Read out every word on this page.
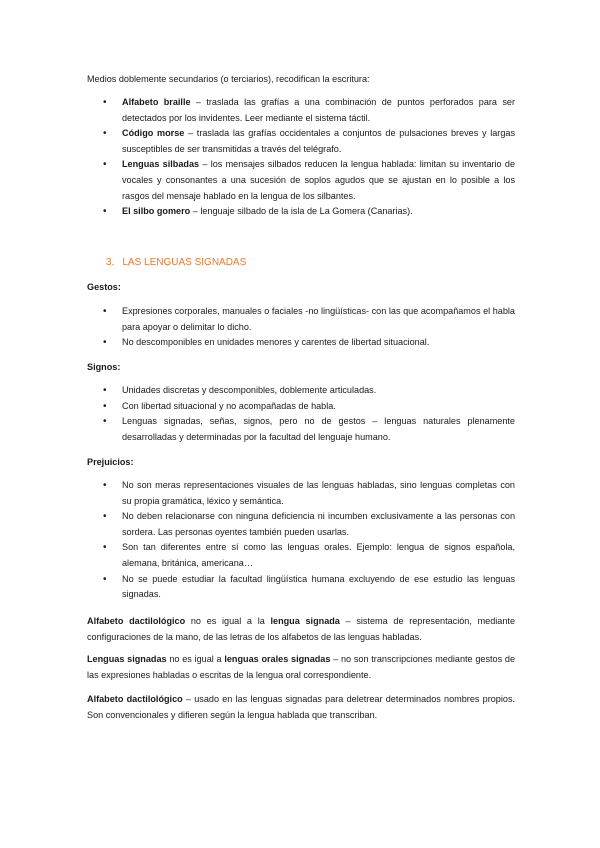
Medios doblemente secundarios (o terciarios), recodifican la escritura:

• Alfabeto braille – traslada las grafías a una combinación de puntos perforados para ser detectados por los invidentes. Leer mediante el sistema táctil.
• Código morse – traslada las grafías occidentales a conjuntos de pulsaciones breves y largas susceptibles de ser transmitidas a través del telégrafo.
• Lenguas silbadas – los mensajes silbados reducen la lengua hablada: limitan su inventario de vocales y consonantes a una sucesión de soplos agudos que se ajustan en lo posible a los rasgos del mensaje hablado en la lengua de los silbantes.
• El silbo gomero – lenguaje silbado de la isla de La Gomera (Canarias).
3. LAS LENGUAS SIGNADAS

Gestos:

• Expresiones corporales, manuales o faciales -no lingüísticas- con las que acompañamos el habla para apoyar o delimitar lo dicho.
• No descomponibles en unidades menores y carentes de libertad situacional.

Signos:

• Unidades discretas y descomponibles, doblemente articuladas.
• Con libertad situacional y no acompañadas de habla.
• Lenguas signadas, señas, signos, pero no de gestos – lenguas naturales plenamente desarrolladas y determinadas por la facultad del lenguaje humano.

Prejuicios:

• No son meras representaciones visuales de las lenguas habladas, sino lenguas completas con su propia gramática, léxico y semántica.
• No deben relacionarse con ninguna deficiencia ni incumben exclusivamente a las personas con sordera. Las personas oyentes también pueden usarlas.
• Son tan diferentes entre sí como las lenguas orales. Ejemplo: lengua de signos española, alemana, británica, americana…
• No se puede estudiar la facultad lingüística humana excluyendo de ese estudio las lenguas signadas.

Alfabeto dactilológico no es igual a la lengua signada – sistema de representación, mediante configuraciones de la mano, de las letras de los alfabetos de las lenguas habladas.

Lenguas signadas no es igual a lenguas orales signadas – no son transcripciones mediante gestos de las expresiones habladas o escritas de la lengua oral correspondiente.

Alfabeto dactilológico – usado en las lenguas signadas para deletrear determinados nombres propios. Son convencionales y difieren según la lengua hablada que transcriban.
